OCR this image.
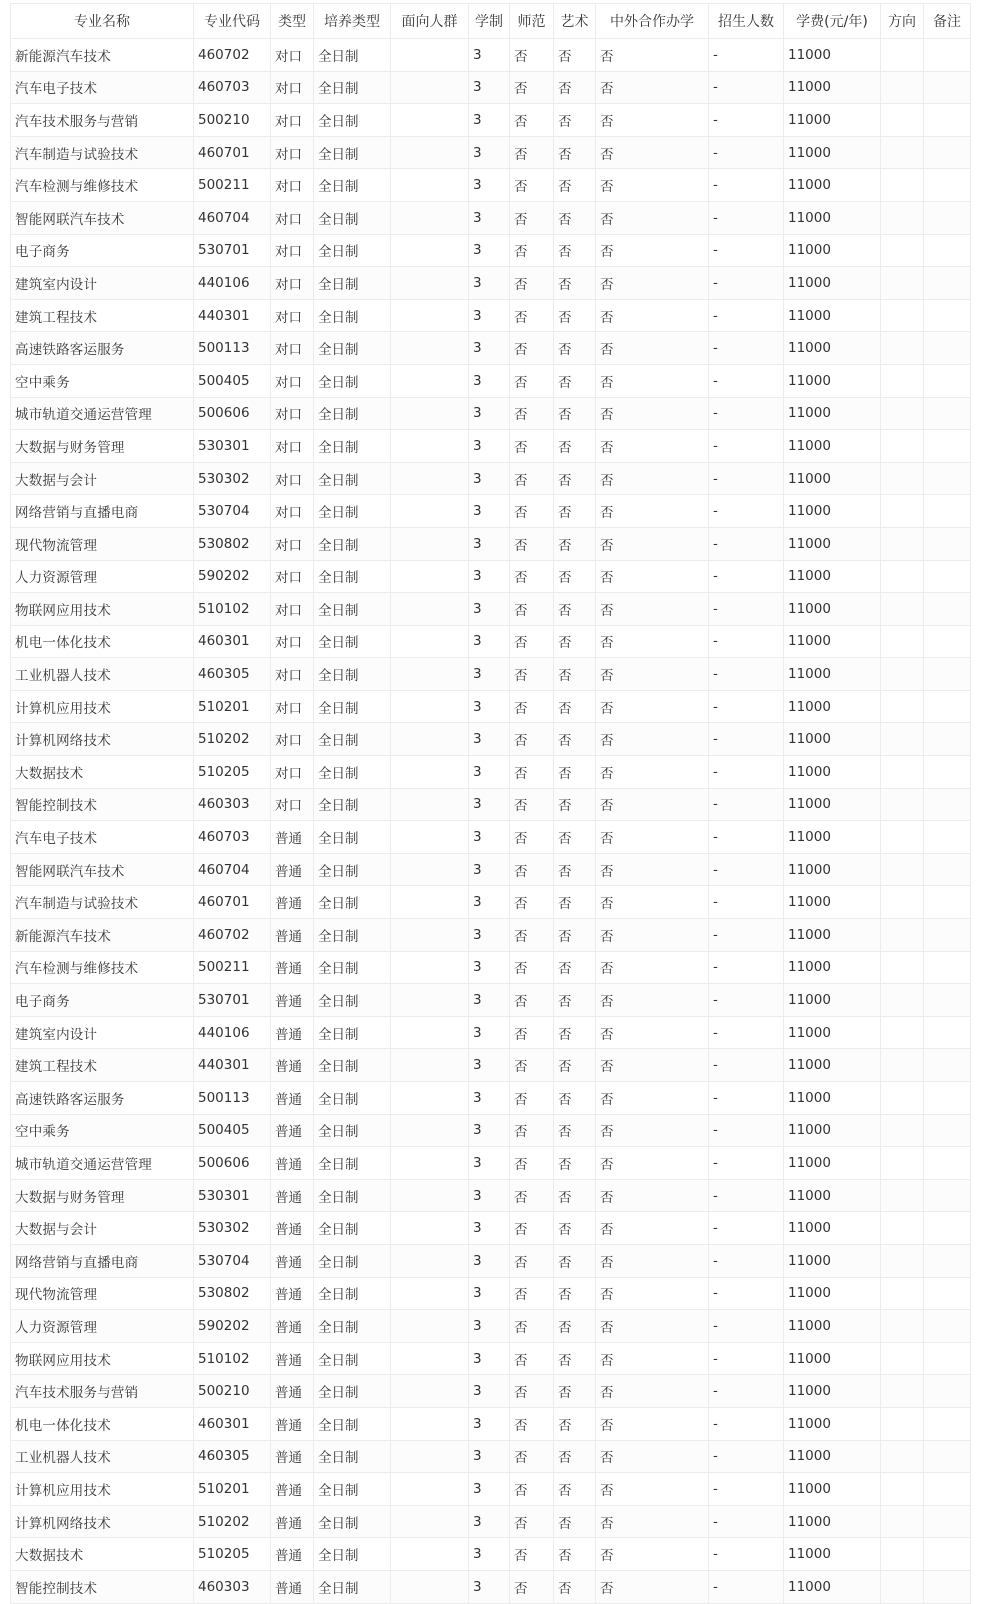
专业名称	专业代码	类型	培养类型	面向人群	学制	师范	艺术	中外合作办学	招生人数	学费(元/年)	方向	备注
新能源汽车技术	460702	对口	全日制		3	否	否	否	-	11000		
汽车电子技术	460703	对口	全日制		3	否	否	否	-	11000		
汽车技术服务与营销	500210	对口	全日制		3	否	否	否	-	11000		
汽车制造与试验技术	460701	对口	全日制		3	否	否	否	-	11000		
汽车检测与维修技术	500211	对口	全日制		3	否	否	否	-	11000		
智能网联汽车技术	460704	对口	全日制		3	否	否	否	-	11000		
电子商务	530701	对口	全日制		3	否	否	否	-	11000		
建筑室内设计	440106	对口	全日制		3	否	否	否	-	11000		
建筑工程技术	440301	对口	全日制		3	否	否	否	-	11000		
高速铁路客运服务	500113	对口	全日制		3	否	否	否	-	11000		
空中乘务	500405	对口	全日制		3	否	否	否	-	11000		
城市轨道交通运营管理	500606	对口	全日制		3	否	否	否	-	11000		
大数据与财务管理	530301	对口	全日制		3	否	否	否	-	11000		
大数据与会计	530302	对口	全日制		3	否	否	否	-	11000		
网络营销与直播电商	530704	对口	全日制		3	否	否	否	-	11000		
现代物流管理	530802	对口	全日制		3	否	否	否	-	11000		
人力资源管理	590202	对口	全日制		3	否	否	否	-	11000		
物联网应用技术	510102	对口	全日制		3	否	否	否	-	11000		
机电一体化技术	460301	对口	全日制		3	否	否	否	-	11000		
工业机器人技术	460305	对口	全日制		3	否	否	否	-	11000		
计算机应用技术	510201	对口	全日制		3	否	否	否	-	11000		
计算机网络技术	510202	对口	全日制		3	否	否	否	-	11000		
大数据技术	510205	对口	全日制		3	否	否	否	-	11000		
智能控制技术	460303	对口	全日制		3	否	否	否	-	11000		
汽车电子技术	460703	普通	全日制		3	否	否	否	-	11000		
智能网联汽车技术	460704	普通	全日制		3	否	否	否	-	11000		
汽车制造与试验技术	460701	普通	全日制		3	否	否	否	-	11000		
新能源汽车技术	460702	普通	全日制		3	否	否	否	-	11000		
汽车检测与维修技术	500211	普通	全日制		3	否	否	否	-	11000		
电子商务	530701	普通	全日制		3	否	否	否	-	11000		
建筑室内设计	440106	普通	全日制		3	否	否	否	-	11000		
建筑工程技术	440301	普通	全日制		3	否	否	否	-	11000		
高速铁路客运服务	500113	普通	全日制		3	否	否	否	-	11000		
空中乘务	500405	普通	全日制		3	否	否	否	-	11000		
城市轨道交通运营管理	500606	普通	全日制		3	否	否	否	-	11000		
大数据与财务管理	530301	普通	全日制		3	否	否	否	-	11000		
大数据与会计	530302	普通	全日制		3	否	否	否	-	11000		
网络营销与直播电商	530704	普通	全日制		3	否	否	否	-	11000		
现代物流管理	530802	普通	全日制		3	否	否	否	-	11000		
人力资源管理	590202	普通	全日制		3	否	否	否	-	11000		
物联网应用技术	510102	普通	全日制		3	否	否	否	-	11000		
汽车技术服务与营销	500210	普通	全日制		3	否	否	否	-	11000		
机电一体化技术	460301	普通	全日制		3	否	否	否	-	11000		
工业机器人技术	460305	普通	全日制		3	否	否	否	-	11000		
计算机应用技术	510201	普通	全日制		3	否	否	否	-	11000		
计算机网络技术	510202	普通	全日制		3	否	否	否	-	11000		
大数据技术	510205	普通	全日制		3	否	否	否	-	11000		
智能控制技术	460303	普通	全日制		3	否	否	否	-	11000		
